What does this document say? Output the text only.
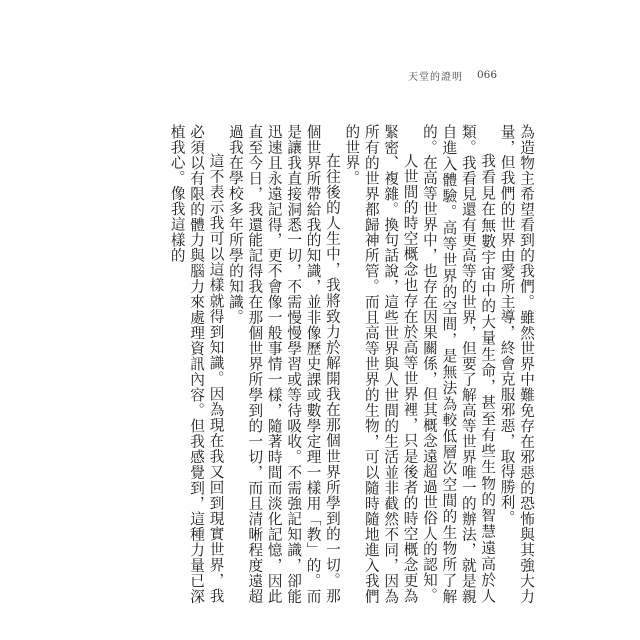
天堂的證明 066

為造物主希望看到的我們。雖然世界中難免存在邪惡的恐怖與其強大力量，但我們的世界由愛所主導，終會克服邪惡，取得勝利。

我看見在無數宇宙中的大量生命，甚至有些生物的智慧遠高於人類。我看見還有更高等的世界，但要了解高等世界唯一的辦法，就是親自進入體驗。高等世界的空間，是無法為較低層次空間的生物所了解的。在高等世界中，也存在因果關係，但其概念遠超過世俗人的認知。

人世間的時空概念也存在於高等世界裡，只是後者的時空概念更為緊密、複雜。換句話說，這些世界與人世間的生活並非截然不同，因為所有的世界都歸神所管。而且高等世界的生物，可以隨時隨地進入我們的世界。

在往後的人生中，我將致力於解開我在那個世界所學到的一切。那個世界所帶給我的知識，並非像歷史課或數學定理一樣用「教」的。而是讓我直接洞悉一切，不需慢慢學習或等待吸收。不需強記知識，卻能迅速且永遠記得，更不會像一般事情一樣，隨著時間而淡化記憶，因此直至今日，我還能記得我在那個世界所學到的一切，而且清晰程度遠超過我在學校多年所學的知識。

這不表示我可以這樣就得到知識。因為現在我又回到現實世界，我必須以有限的體力與腦力來處理資訊內容。但我感覺到，這種力量已深植我心。像我這樣的
